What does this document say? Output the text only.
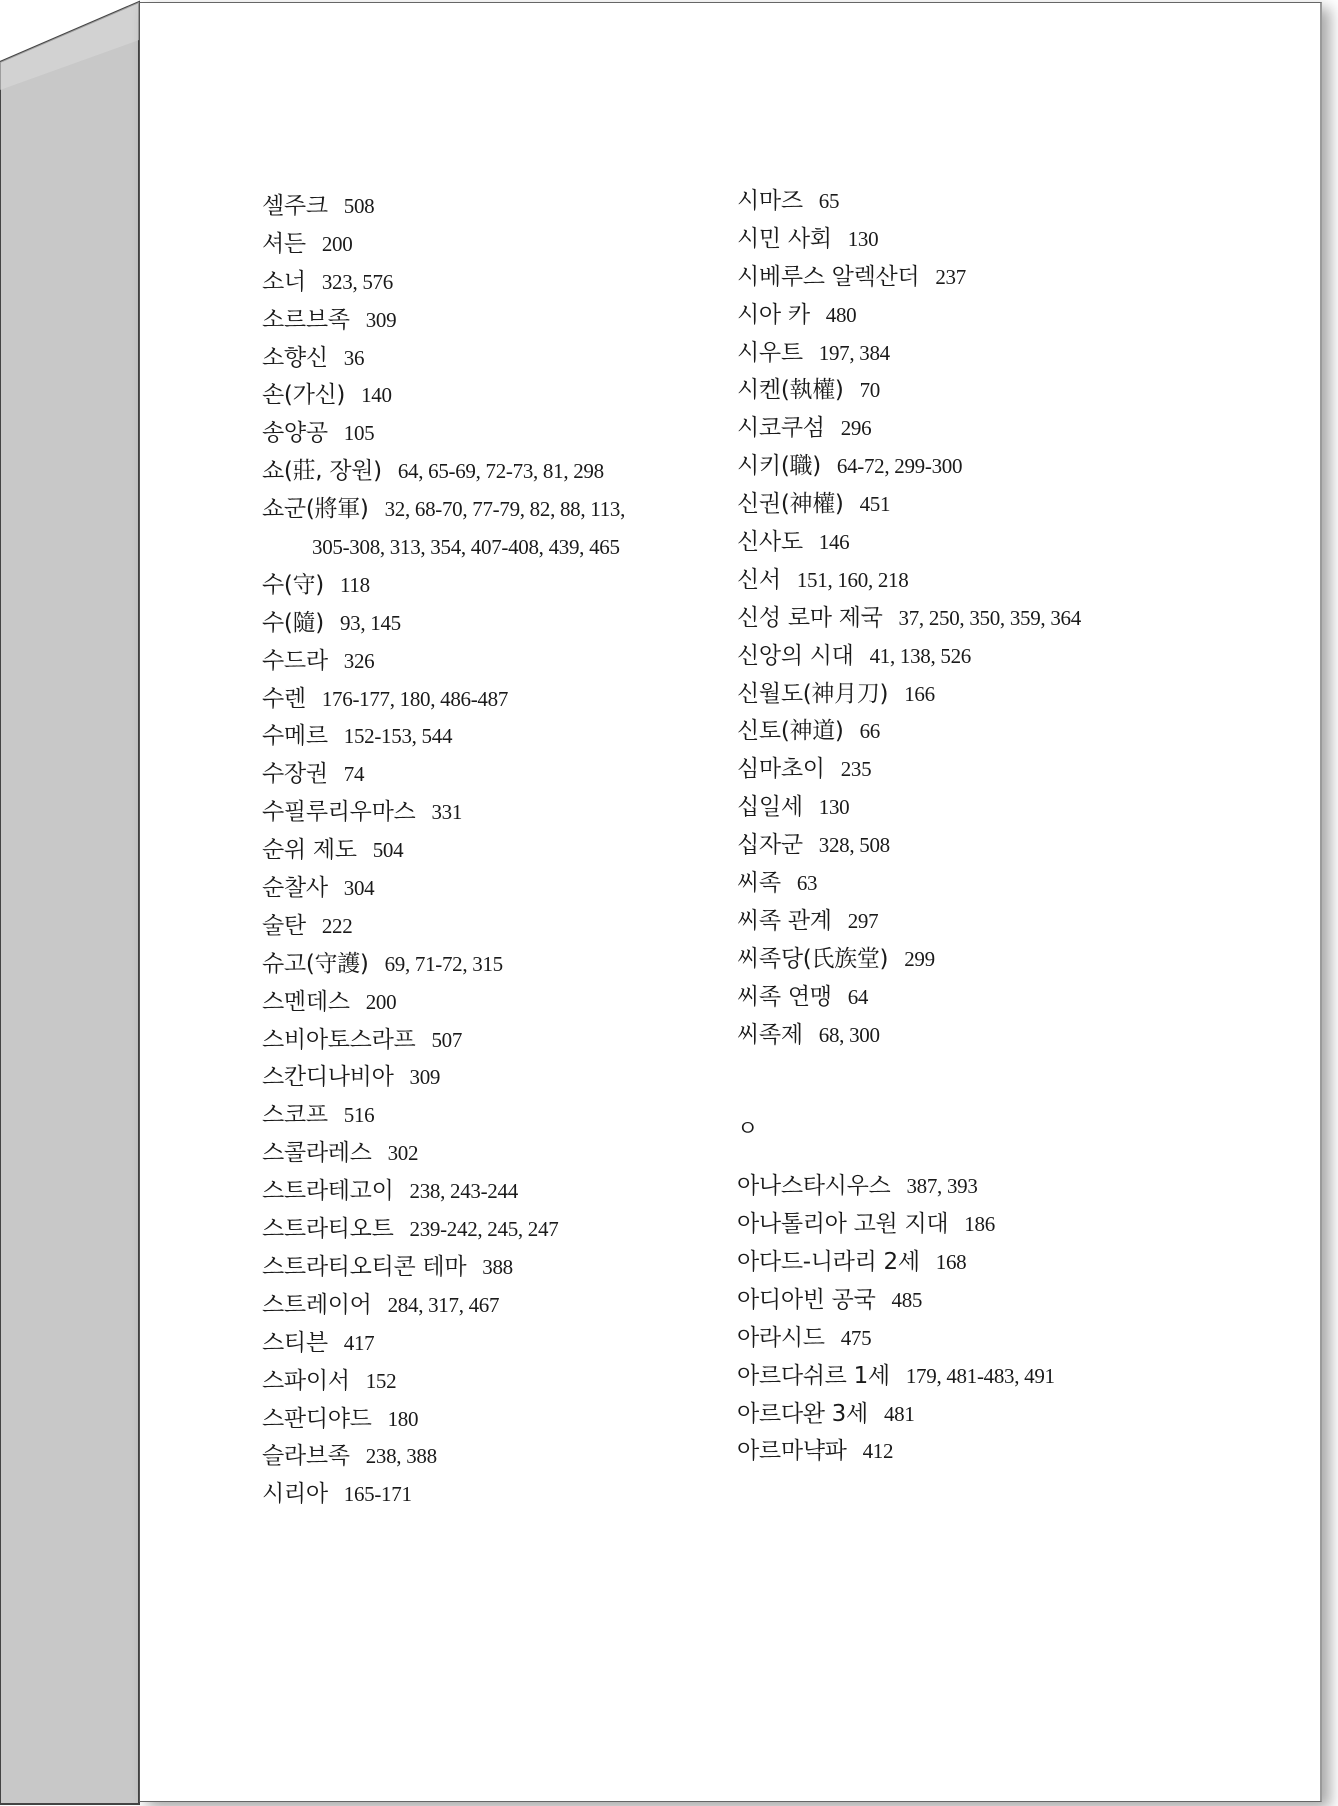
셀주크 508
셔든 200
소너 323, 576
소르브족 309
소향신 36
손(가신) 140
송양공 105
쇼(莊, 장원) 64, 65-69, 72-73, 81, 298
쇼군(將軍) 32, 68-70, 77-79, 82, 88, 113,
305-308, 313, 354, 407-408, 439, 465
수(守) 118
수(隨) 93, 145
수드라 326
수렌 176-177, 180, 486-487
수메르 152-153, 544
수장권 74
수필루리우마스 331
순위 제도 504
순찰사 304
술탄 222
슈고(守護) 69, 71-72, 315
스멘데스 200
스비아토스라프 507
스칸디나비아 309
스코프 516
스콜라레스 302
스트라테고이 238, 243-244
스트라티오트 239-242, 245, 247
스트라티오티콘 테마 388
스트레이어 284, 317, 467
스티븐 417
스파이서 152
스판디야드 180
슬라브족 238, 388
시리아 165-171
시마즈 65
시민 사회 130
시베루스 알렉산더 237
시아 카 480
시우트 197, 384
시켄(執權) 70
시코쿠섬 296
시키(職) 64-72, 299-300
신권(神權) 451
신사도 146
신서 151, 160, 218
신성 로마 제국 37, 250, 350, 359, 364
신앙의 시대 41, 138, 526
신월도(神月刀) 166
신토(神道) 66
심마초이 235
십일세 130
십자군 328, 508
씨족 63
씨족 관계 297
씨족당(氏族堂) 299
씨족 연맹 64
씨족제 68, 300
ㅇ
아나스타시우스 387, 393
아나톨리아 고원 지대 186
아다드-니라리 2세 168
아디아빈 공국 485
아라시드 475
아르다쉬르 1세 179, 481-483, 491
아르다완 3세 481
아르마냑파 412
